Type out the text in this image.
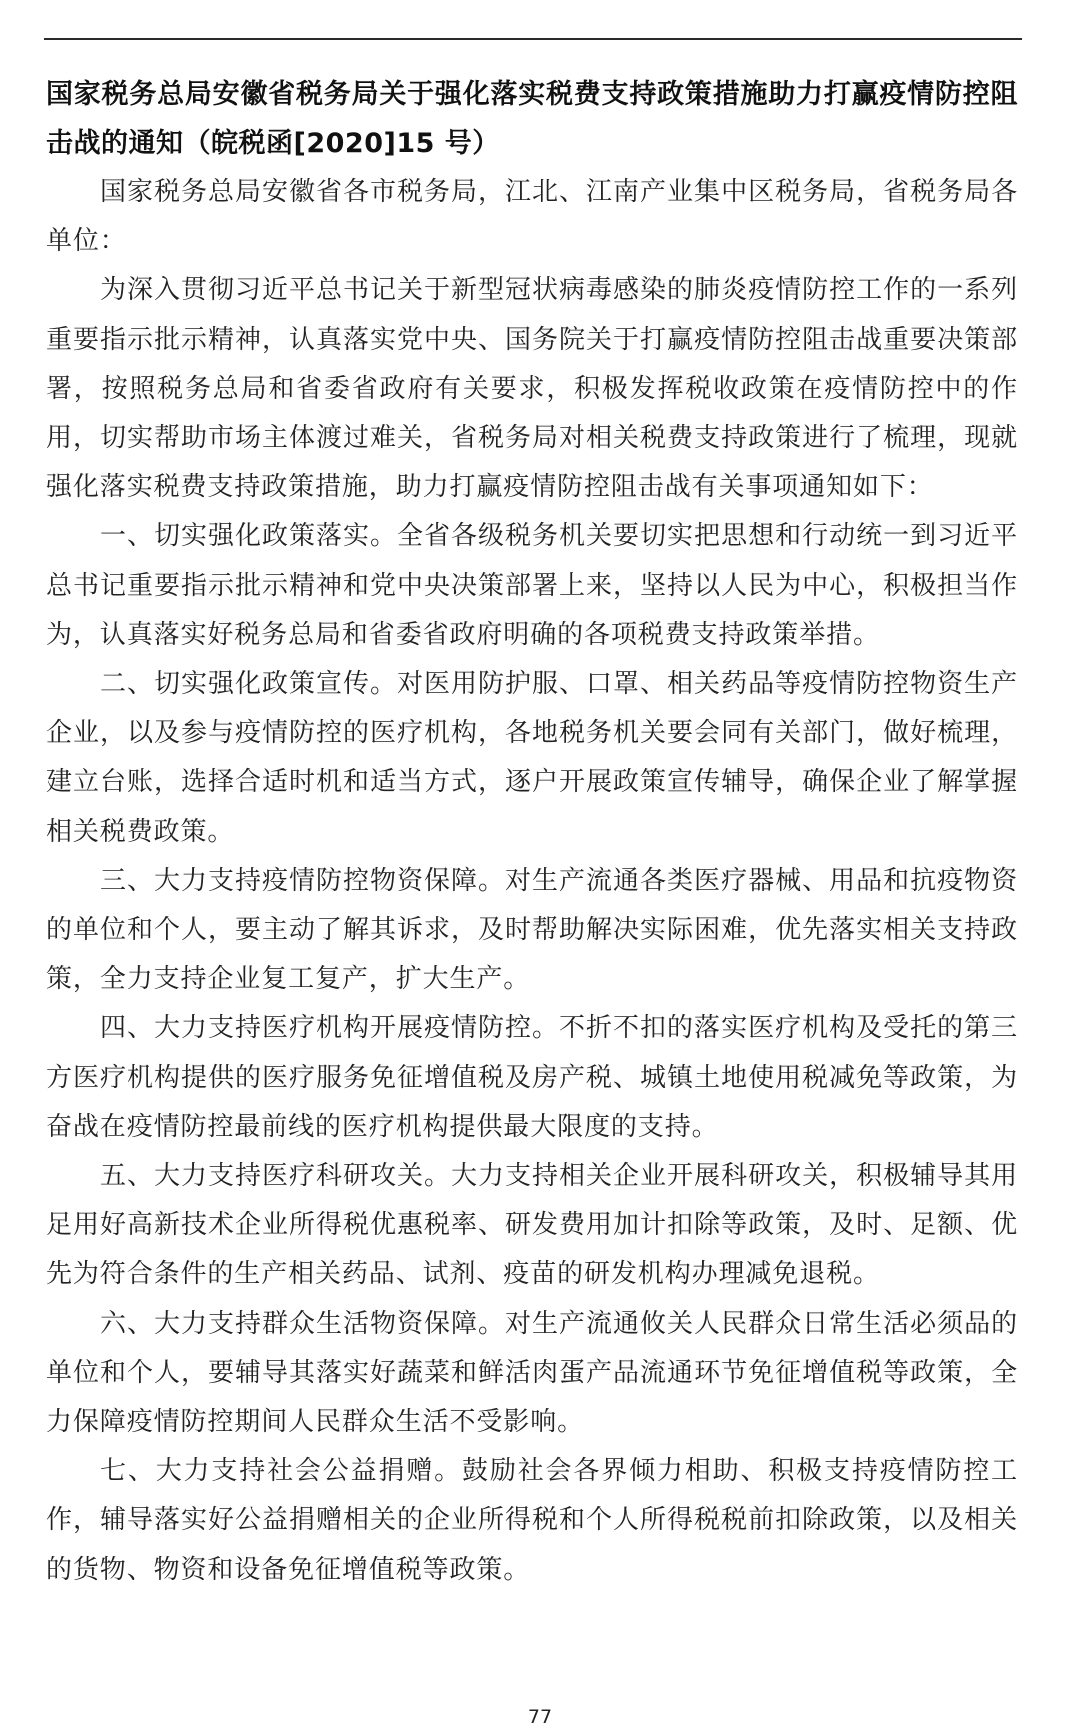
国家税务总局安徽省税务局关于强化落实税费支持政策措施助力打赢疫情防控阻击战的通知（皖税函[2020]15 号）

国家税务总局安徽省各市税务局，江北、江南产业集中区税务局，省税务局各单位：

为深入贯彻习近平总书记关于新型冠状病毒感染的肺炎疫情防控工作的一系列重要指示批示精神，认真落实党中央、国务院关于打赢疫情防控阻击战重要决策部署，按照税务总局和省委省政府有关要求，积极发挥税收政策在疫情防控中的作用，切实帮助市场主体渡过难关，省税务局对相关税费支持政策进行了梳理，现就强化落实税费支持政策措施，助力打赢疫情防控阻击战有关事项通知如下：

一、切实强化政策落实。全省各级税务机关要切实把思想和行动统一到习近平总书记重要指示批示精神和党中央决策部署上来，坚持以人民为中心，积极担当作为，认真落实好税务总局和省委省政府明确的各项税费支持政策举措。

二、切实强化政策宣传。对医用防护服、口罩、相关药品等疫情防控物资生产企业，以及参与疫情防控的医疗机构，各地税务机关要会同有关部门，做好梳理，建立台账，选择合适时机和适当方式，逐户开展政策宣传辅导，确保企业了解掌握相关税费政策。

三、大力支持疫情防控物资保障。对生产流通各类医疗器械、用品和抗疫物资的单位和个人，要主动了解其诉求，及时帮助解决实际困难，优先落实相关支持政策，全力支持企业复工复产，扩大生产。

四、大力支持医疗机构开展疫情防控。不折不扣的落实医疗机构及受托的第三方医疗机构提供的医疗服务免征增值税及房产税、城镇土地使用税减免等政策，为奋战在疫情防控最前线的医疗机构提供最大限度的支持。

五、大力支持医疗科研攻关。大力支持相关企业开展科研攻关，积极辅导其用足用好高新技术企业所得税优惠税率、研发费用加计扣除等政策，及时、足额、优先为符合条件的生产相关药品、试剂、疫苗的研发机构办理减免退税。

六、大力支持群众生活物资保障。对生产流通攸关人民群众日常生活必须品的单位和个人，要辅导其落实好蔬菜和鲜活肉蛋产品流通环节免征增值税等政策，全力保障疫情防控期间人民群众生活不受影响。

七、大力支持社会公益捐赠。鼓励社会各界倾力相助、积极支持疫情防控工作，辅导落实好公益捐赠相关的企业所得税和个人所得税税前扣除政策，以及相关的货物、物资和设备免征增值税等政策。

77
